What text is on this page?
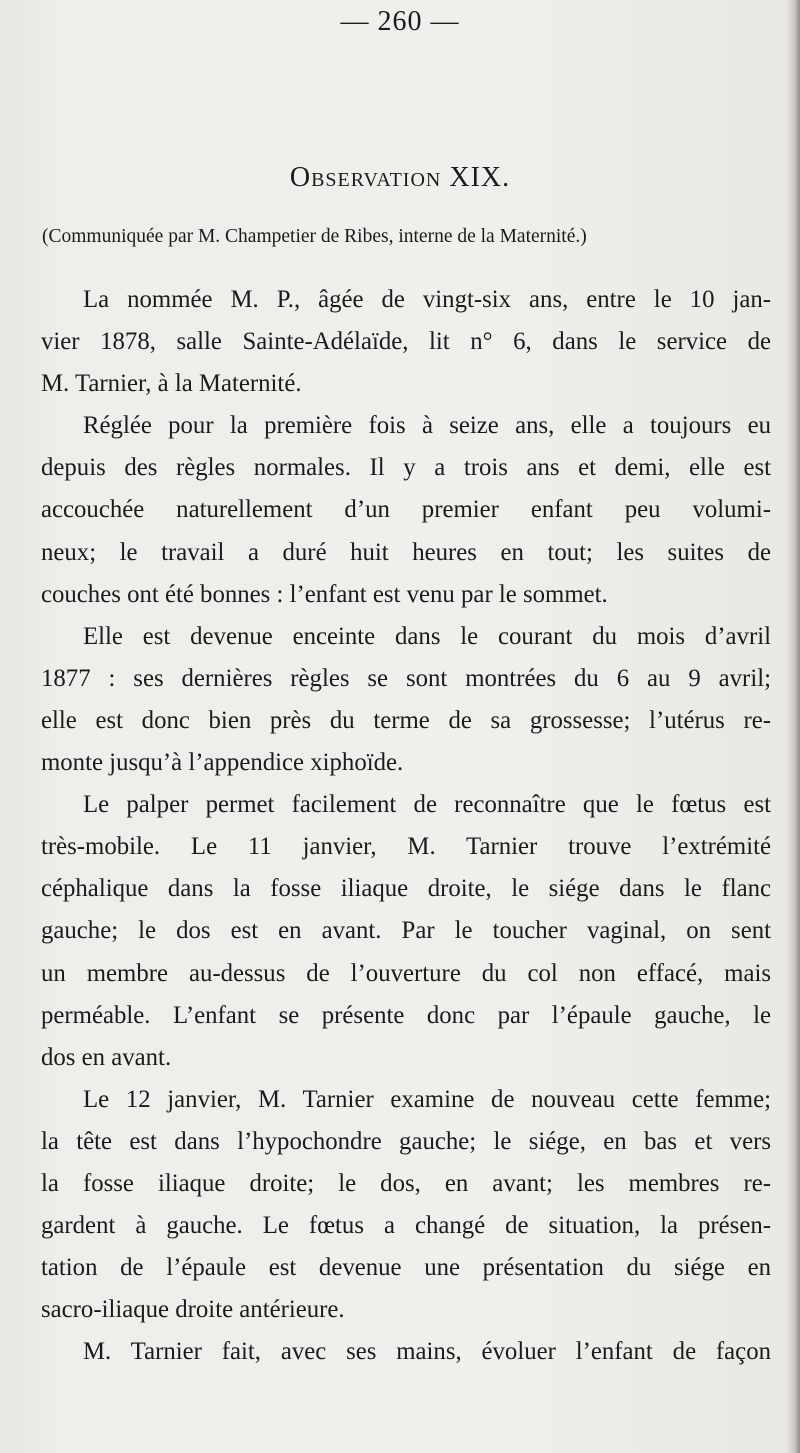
— 260 —
Observation XIX.
(Communiquée par M. Champetier de Ribes, interne de la Maternité.)
La nommée M. P., âgée de vingt-six ans, entre le 10 jan-
vier 1878, salle Sainte-Adélaïde, lit n° 6, dans le service de
M. Tarnier, à la Maternité.
Réglée pour la première fois à seize ans, elle a toujours eu
depuis des règles normales. Il y a trois ans et demi, elle est
accouchée naturellement d’un premier enfant peu volumi-
neux; le travail a duré huit heures en tout; les suites de
couches ont été bonnes : l’enfant est venu par le sommet.
Elle est devenue enceinte dans le courant du mois d’avril
1877 : ses dernières règles se sont montrées du 6 au 9 avril;
elle est donc bien près du terme de sa grossesse; l’utérus re-
monte jusqu’à l’appendice xiphoïde.
Le palper permet facilement de reconnaître que le fœtus est
très-mobile. Le 11 janvier, M. Tarnier trouve l’extrémité
céphalique dans la fosse iliaque droite, le siége dans le flanc
gauche; le dos est en avant. Par le toucher vaginal, on sent
un membre au-dessus de l’ouverture du col non effacé, mais
perméable. L’enfant se présente donc par l’épaule gauche, le
dos en avant.
Le 12 janvier, M. Tarnier examine de nouveau cette femme;
la tête est dans l’hypochondre gauche; le siége, en bas et vers
la fosse iliaque droite; le dos, en avant; les membres re-
gardent à gauche. Le fœtus a changé de situation, la présen-
tation de l’épaule est devenue une présentation du siége en
sacro-iliaque droite antérieure.
M. Tarnier fait, avec ses mains, évoluer l’enfant de façon
